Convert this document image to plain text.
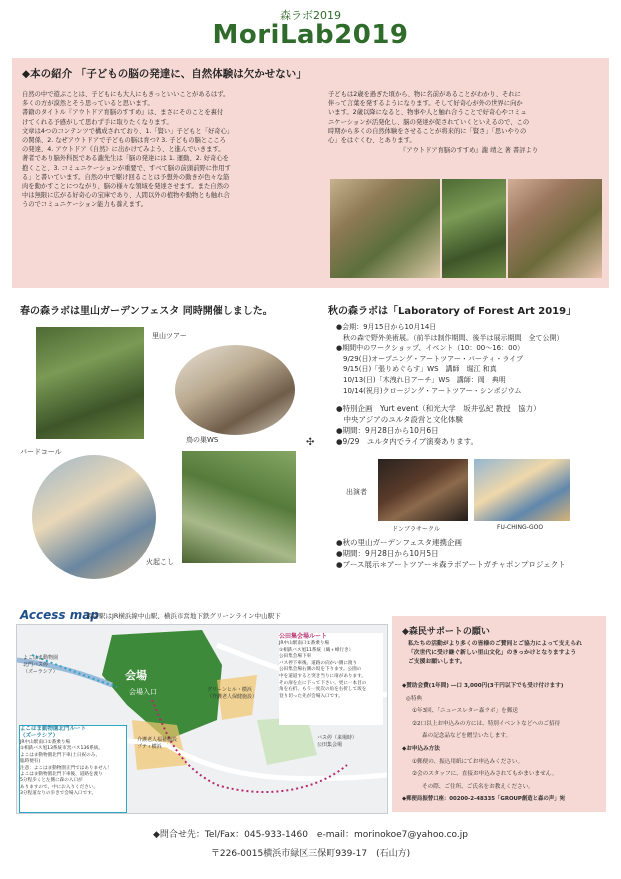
森ラボ2019
MoriLab2019
◆本の紹介 「子どもの脳の発達に、自然体験は欠かせない」
自然の中で遊ぶことは、子どもにも大人にもきっといいことがあるはず。
多くの方が漠然とそう思っていると思います。
書籍のタイトル『アウトドア育脳のすすめ』は、まさにそのことを裏付
けてくれる予感がして思わず手に取りたくなります。
文章は4つのコンテンツで構成されており、1.「賢い」子どもと「好奇心」
の関係、2. なぜアウトドアで子どもの脳は育つ? 3. 子どもの脳とこころ
の発達、4. アウトドア《自然》に出かけてみよう、と進んでいきます。
著者であり脳外科医である瀧先生は「脳の発達には 1. 運動、2. 好奇心を
抱くこと、3. コミュニケーションが重要で、すべて脳の前頭前野に作用す
る」と書いています。自然の中で駆け回ることは予想外の動きが色々な筋
肉を動かすことにつながり、脳の様々な領域を発達させます。また自然の
中は無限に広がる好奇心の宝庫であり、人間以外の植物や動物とも触れ合
うのでコミュニケーション能力も養えます。
子どもは2歳を過ぎた頃から、物に名前があることがわかり、それに
伴って言葉を発するようになります。そして好奇心が外の世界に向か
います。2歳以降になると、物事や人と触れ合うことで好奇心やコミュ
ニケーションが活発化し、脳の発達が促されていくといえるので、この
時期から多くの自然体験をさせることが将来的に「賢さ」「思いやりの
心」をはぐくむ、とあります。
『アウトドア育脳のすすめ』瀧 靖之 著 書評より
春の森ラボは里山ガーデンフェスタ 同時開催しました。
里山ツアー
鳥の巣WS
バードコール
火起こし
✣
秋の森ラボは「Laboratory of Forest Art 2019」
●会期：9月15日から10月14日
　秋の森で野外美術展。（前半は制作期間、後半は展示期間　全て公開）
●期間中のワークショップ、イベント（10：00～16：00）
　9/29(日)オープニング・アートツアー・パーティ・ライブ
　9/15(日)「張りめぐらす」WS　講師　堀江 和真
　10/13(日)「木洩れ日アーチ」WS　講師：岡　典明
　10/14(祝月)クロージング・アートツアー・シンポジウム
●特別企画　Yurt event（和光大学　坂井弘紀 教授　協力）
　中央アジアのユルタ設営と文化体験
●期間：9月28日から10月6日
●9/29　ユルタ内でライブ演奏あります。
出演者
ドンブラサークル	FU-CHING-GOO
●秋の里山ガーデンフェスタ連携企画
●期間：9月28日から10月5日
●ブース展示＊アートツアー＊森ラボアートガチャポンプロジェクト
Access map
最寄駅はJR横浜線中山駅、横浜市営地下鉄グリーンライン中山駅下
会場
会場入口
よこはま動物園
北門バス停
（ズーラシア）
グリーンヒル・横浜
（介護老人保健施設）
介護老人福祉施設
プティ横浜
バス停（来場時）
公田集会場
公田集会場ルート
JR中山駅南口①番乗り場
①相鉄バス旭11系統（鶴ヶ峰行き）
公田集会場下車
バス停下車後、道路の向かい側に渡り
公田集会場右側の坂を下ります。公園の
中を道道すると突き当りに扉があります。
その扉を左に下って下さい。更に一本目の
角を右折、もう一度次の角を右折して坂を
登り切った先が会場入口です。
よこはま動物園北門ルート
（ズーラシア）
JR中山駅南口①番乗り場
①相鉄バス旭13系統市営バス136系統。
よこはま動物園北門下車(土日祝のみ、
臨時便有)
注意：よこはま動物園正門ではありません！
よこはま動物園北門下車後、道路を渡り
5分程歩くと左側に森の入口が
ありますので、中にお入りください。
3分程道なりの歩きで会場入口です。
◆森民サポートの願い
私たちの活動がより多くの皆様のご賛同とご協力によって支えられ
「次世代に受け継ぐ新しい里山文化」のきっかけとなりますよう
ご支援お願いします。
◆賛助会費(1年間) ―口 3,000円(3千円以下でも受け付けます)
◎特典
①年3回、「ニュースレター森ラボ」を郵送
②2口以上お申込みの方には、特別イベントなどへのご招待
森の記念品などを贈呈いたします。
◆お申込み方法
①郵便の、振込用紙にてお申込みください。
②会のスタッフに、直接お申込みされてもかまいません。
その際、ご住所、ご氏名をお教えください。
◆郵便局振替口座：00200-2-48335「GROUP創造と森の声」宛
◆問合せ先：Tel/Fax：045-933-1460　e-mail：morinokoe7@yahoo.co.jp
〒226-0015横浜市緑区三保町939-17　(石山方)
